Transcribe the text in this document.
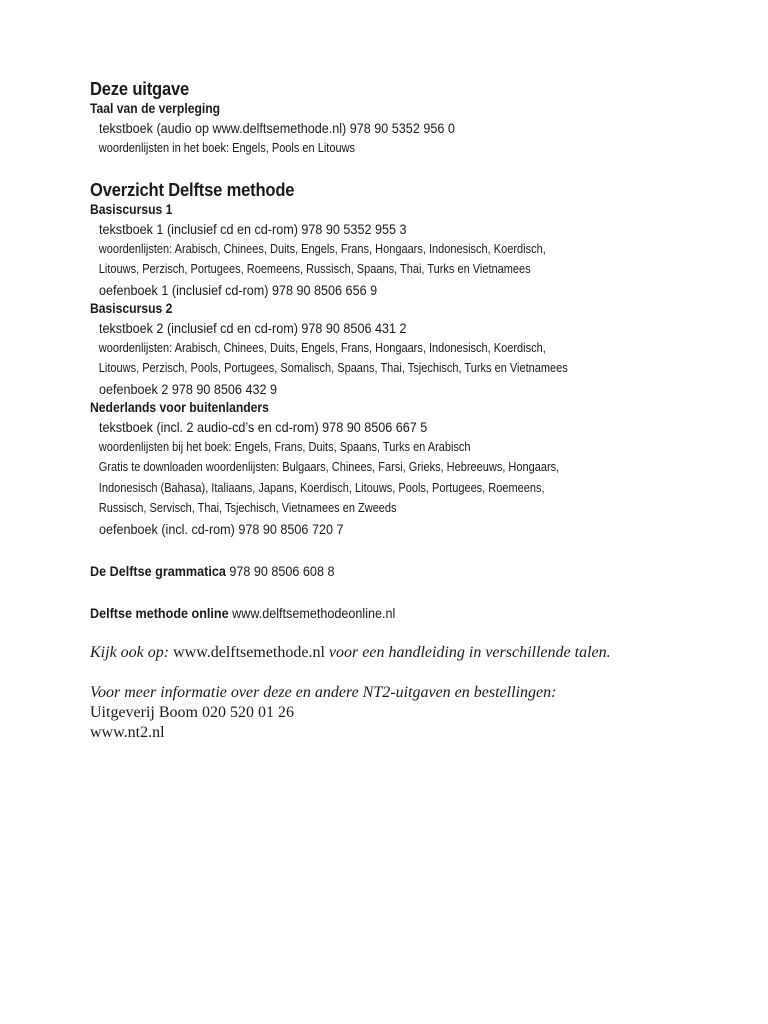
Deze uitgave
Taal van de verpleging
tekstboek (audio op www.delftsemethode.nl) 978 90 5352 956 0
woordenlijsten in het boek: Engels, Pools en Litouws
Overzicht Delftse methode
Basiscursus 1
tekstboek 1 (inclusief cd en cd-rom) 978 90 5352 955 3
woordenlijsten: Arabisch, Chinees, Duits, Engels, Frans, Hongaars, Indonesisch, Koerdisch,
Litouws, Perzisch, Portugees, Roemeens, Russisch, Spaans, Thai, Turks en Vietnamees
oefenboek 1 (inclusief cd-rom) 978 90 8506 656 9
Basiscursus 2
tekstboek 2 (inclusief cd en cd-rom) 978 90 8506 431 2
woordenlijsten: Arabisch, Chinees, Duits, Engels, Frans, Hongaars, Indonesisch, Koerdisch,
Litouws, Perzisch, Pools, Portugees, Somalisch, Spaans, Thai, Tsjechisch, Turks en Vietnamees
oefenboek 2 978 90 8506 432 9
Nederlands voor buitenlanders
tekstboek (incl. 2 audio-cd’s en cd-rom) 978 90 8506 667 5
woordenlijsten bij het boek: Engels, Frans, Duits, Spaans, Turks en Arabisch
Gratis te downloaden woordenlijsten: Bulgaars, Chinees, Farsi, Grieks, Hebreeuws, Hongaars,
Indonesisch (Bahasa), Italiaans, Japans, Koerdisch, Litouws, Pools, Portugees, Roemeens,
Russisch, Servisch, Thai, Tsjechisch, Vietnamees en Zweeds
oefenboek (incl. cd-rom) 978 90 8506 720 7
De Delftse grammatica 978 90 8506 608 8
Delftse methode online www.delftsemethodeonline.nl
Kijk ook op: www.delftsemethode.nl voor een handleiding in verschillende talen.
Voor meer informatie over deze en andere NT2-uitgaven en bestellingen:
Uitgeverij Boom 020 520 01 26
www.nt2.nl
